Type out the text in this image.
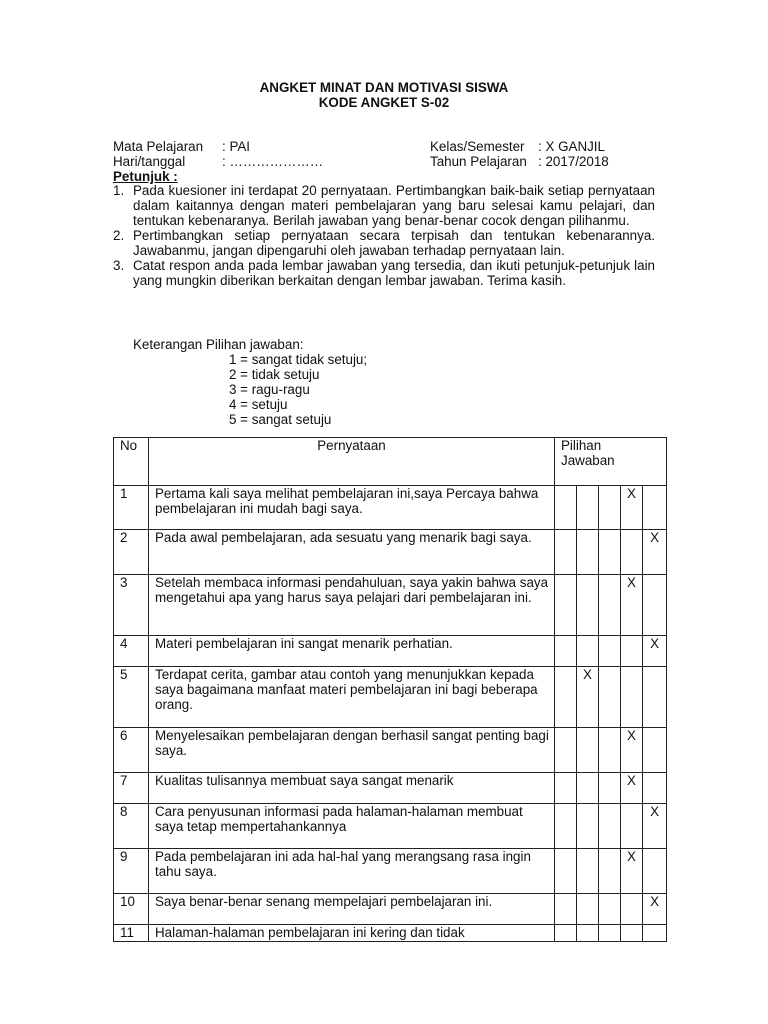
ANGKET MINAT DAN MOTIVASI SISWA
KODE ANGKET S-02
Mata Pelajaran : PAI
Hari/tanggal	: …………………
Kelas/Semester : X GANJIL
Tahun Pelajaran : 2017/2018
Petunjuk :
1. Pada kuesioner ini terdapat 20 pernyataan. Pertimbangkan baik-baik setiap pernyataan dalam kaitannya dengan materi pembelajaran yang baru selesai kamu pelajari, dan tentukan kebenaranya. Berilah jawaban yang benar-benar cocok dengan pilihanmu.
2. Pertimbangkan setiap pernyataan secara terpisah dan tentukan kebenarannya. Jawabanmu, jangan dipengaruhi oleh jawaban terhadap pernyataan lain.
3. Catat respon anda pada lembar jawaban yang tersedia, dan ikuti petunjuk-petunjuk lain yang mungkin diberikan berkaitan dengan lembar jawaban. Terima kasih.
Keterangan Pilihan jawaban:
1 = sangat tidak setuju;
2 = tidak setuju
3 = ragu-ragu
4 = setuju
5 = sangat setuju
No	Pernyataan	Pilihan
Jawaban				

1	Pertama kali saya melihat pembelajaran ini,saya Percaya bahwa pembelajaran ini mudah bagi saya.				X	
2	Pada awal pembelajaran, ada sesuatu yang menarik bagi saya.					X
3	Setelah membaca informasi pendahuluan, saya yakin bahwa saya mengetahui apa yang harus saya pelajari dari pembelajaran ini.				X	
4	Materi pembelajaran ini sangat menarik perhatian.					X
5	Terdapat cerita, gambar atau contoh yang menunjukkan kepada saya bagaimana manfaat materi pembelajaran ini bagi beberapa orang.		X			
6	Menyelesaikan pembelajaran dengan berhasil sangat penting bagi saya.				X	
7	Kualitas tulisannya membuat saya sangat menarik				X	
8	Cara penyusunan informasi pada halaman-halaman membuat saya tetap mempertahankannya					X
9	Pada pembelajaran ini ada hal-hal yang merangsang rasa ingin tahu saya.				X	
10	Saya benar-benar senang mempelajari pembelajaran ini.					X
11	Halaman-halaman pembelajaran ini kering dan tidak					
